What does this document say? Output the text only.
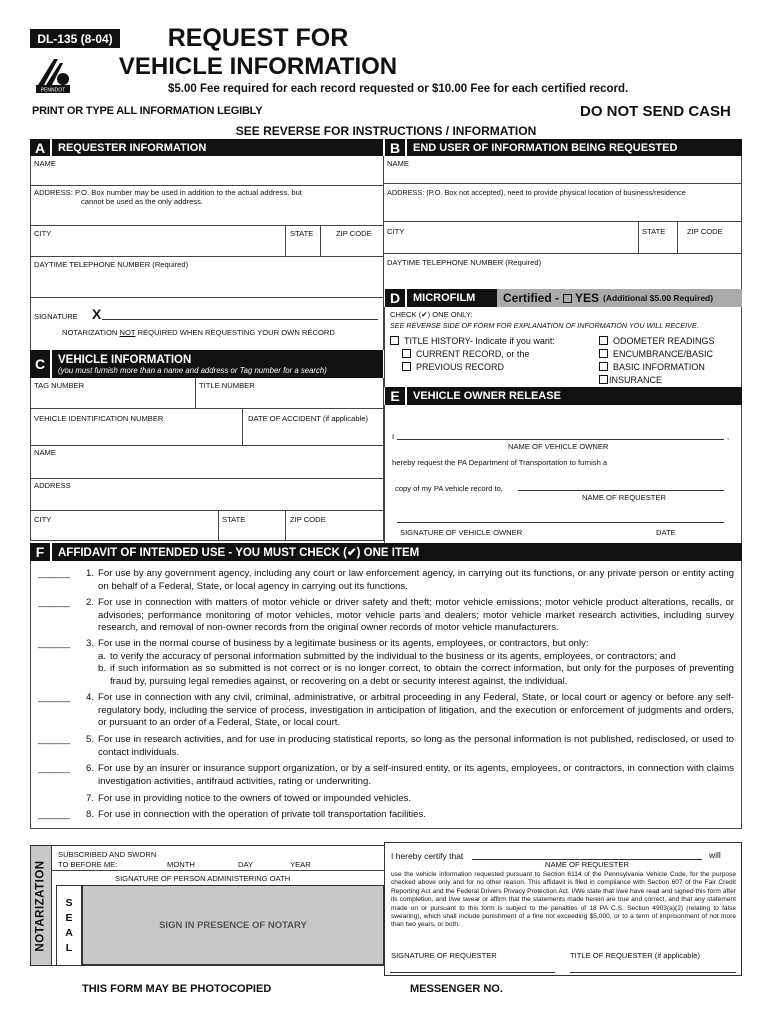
DL-135 (8-04)
PENNDOT
REQUEST FOR
VEHICLE INFORMATION
$5.00 Fee required for each record requested or $10.00 Fee for each certified record.
PRINT OR TYPE ALL INFORMATION LEGIBLY	DO NOT SEND CASH
SEE REVERSE FOR INSTRUCTIONS / INFORMATION
A	REQUESTER INFORMATION
NAME
ADDRESS: P.O. Box number may be used in addition to the actual address, but
cannot be used as the only address.
CITY	STATE	ZIP CODE
DAYTIME TELEPHONE NUMBER (Required)
SIGNATURE X
NOTARIZATION NOT REQUIRED WHEN REQUESTING YOUR OWN RECORD
C	VEHICLE INFORMATION
(you must furnish more than a name and address or Tag number for a search)
TAG NUMBER	TITLE NUMBER
VEHICLE IDENTIFICATION NUMBER	DATE OF ACCIDENT (if applicable)
NAME
ADDRESS
CITY	STATE	ZIP CODE
B	END USER OF INFORMATION BEING REQUESTED
NAME
ADDRESS: (P.O. Box not accepted), need to provide physical location of business/residence
CITY	STATE	ZIP CODE
DAYTIME TELEPHONE NUMBER (Required)
D	MICROFILM Certified - YES (Additional $5.00 Required)
CHECK (✔) ONE ONLY:
SEE REVERSE SIDE OF FORM FOR EXPLANATION OF INFORMATION YOU WILL RECEIVE.
TITLE HISTORY- Indicate if you want:
CURRENT RECORD, or the
PREVIOUS RECORD
ODOMETER READINGS
ENCUMBRANCE/BASIC
BASIC INFORMATION
INSURANCE
E	VEHICLE OWNER RELEASE
I	,
NAME OF VEHICLE OWNER
hereby request the PA Department of Transportation to furnish a
copy of my PA vehicle record to,
NAME OF REQUESTER
SIGNATURE OF VEHICLE OWNER	DATE
F	AFFIDAVIT OF INTENDED USE - YOU MUST CHECK (✔) ONE ITEM
______	1. For use by any government agency, including any court or law enforcement agency, in carrying out its functions, or any private person or entity acting on behalf of a Federal, State, or local agency in carrying out its functions.
______	2. For use in connection with matters of motor vehicle or driver safety and theft; motor vehicle emissions; motor vehicle product alterations, recalls, or advisories; performance monitoring of motor vehicles, motor vehicle parts and dealers; motor vehicle market research activities, including survey research, and removal of non-owner records from the original owner records of motor vehicle manufacturers.
______	3. For use in the normal course of business by a legitimate business or its agents, employees, or contractors, but only:
a. to verify the accuracy of personal information submitted by the individual to the business or its agents, employees, or contractors; and
b. if such information as so submitted is not correct or is no longer correct, to obtain the correct information, but only for the purposes of preventing fraud by, pursuing legal remedies against, or recovering on a debt or security interest against, the individual.
______	4. For use in connection with any civil, criminal, administrative, or arbitral proceeding in any Federal, State, or local court or agency or before any self-regulatory body, including the service of process, investigation in anticipation of litigation, and the execution or enforcement of judgments and orders, or pursuant to an order of a Federal, State, or local court.
______	5. For use in research activities, and for use in producing statistical reports, so long as the personal information is not published, redisclosed, or used to contact individuals.
______	6. For use by an insurer or insurance support organization, or by a self-insured entity, or its agents, employees, or contractors, in connection with claims investigation activities, antifraud activities, rating or underwriting.
7. For use in providing notice to the owners of towed or impounded vehicles.
______	8. For use in connection with the operation of private toll transportation facilities.
NOTARIZATION
SUBSCRIBED AND SWORN
TO BEFORE ME:	MONTH	DAY	YEAR
SIGNATURE OF PERSON ADMINISTERING OATH
S
E
A
L
SIGN IN PRESENCE OF NOTARY
I hereby certify that	will
NAME OF REQUESTER
use the vehicle information requested pursuant to Section 6114 of the Pennsylvania Vehicle Code, for the purpose checked above only and for no other reason. This affidavit is filed in compliance with Section 607 of the Fair Credit Reporting Act and the Federal Drivers Privacy Protection Act. I/We state that I/we have read and signed this form after its completion, and I/we swear or affirm that the statements made herein are true and correct, and that any statement made on or pursuant to this form is subject to the penalties of 18 PA C.S. Section 4903(a)(2) (relating to false swearing), which shall include punishment of a fine not exceeding $5,000, or to a term of imprisonment of not more than two years, or both.
SIGNATURE OF REQUESTER	TITLE OF REQUESTER (if applicable)
THIS FORM MAY BE PHOTOCOPIED	MESSENGER NO.
